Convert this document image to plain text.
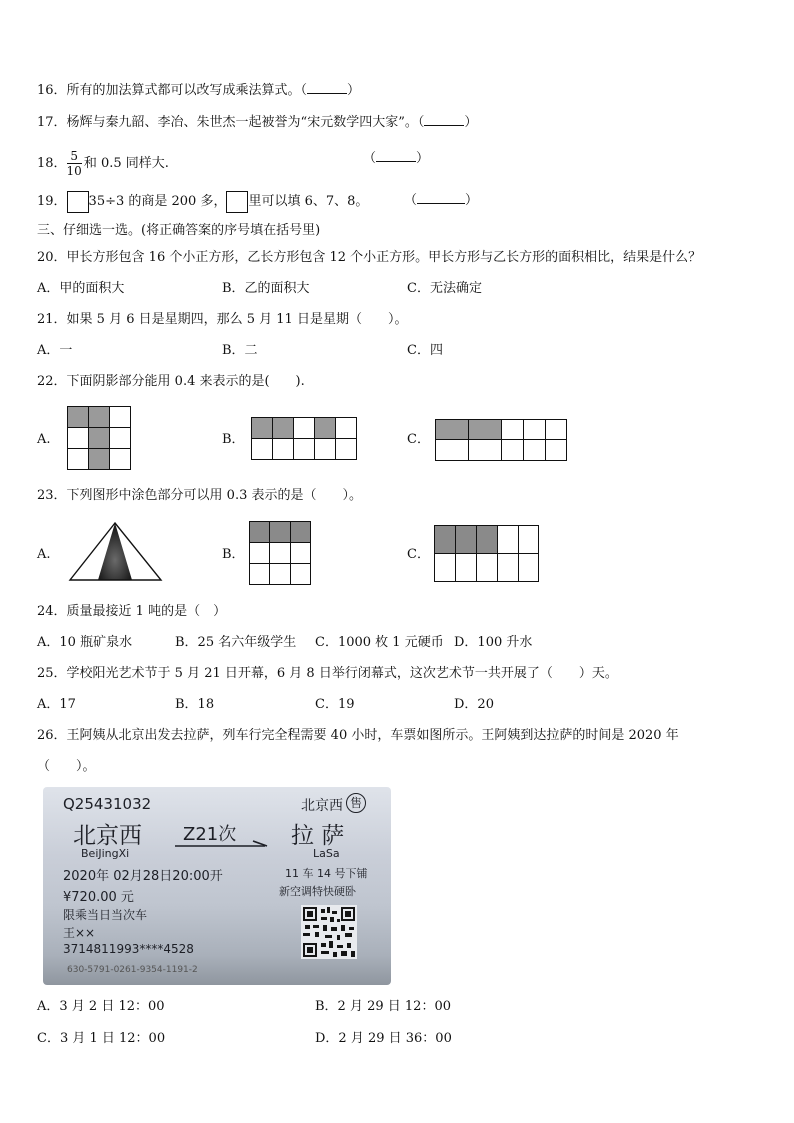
16．所有的加法算式都可以改写成乘法算式。（	）
17．杨辉与秦九韶、李冶、朱世杰一起被誉为“宋元数学四大家”。（	）
18． $\frac{5}{10}$ 和 0.5 同样大.	（	）
19． 35÷3 的商是 200 多， 里可以填 6、7、8。	（	）
三、仔细选一选。(将正确答案的序号填在括号里)
20．甲长方形包含 16 个小正方形，乙长方形包含 12 个小正方形。甲长方形与乙长方形的面积相比，结果是什么？
A．甲的面积大	B．乙的面积大	C．无法确定
21．如果 5 月 6 日是星期四，那么 5 月 11 日是星期（　　）。
A．一	B．二	C．四
22．下面阴影部分能用 0.4 来表示的是(　　).
A.	B．	C．
23．下列图形中涂色部分可以用 0.3 表示的是（　　）。
A.	B．	C．
24．质量最接近 1 吨的是（　）
A．10 瓶矿泉水	B．25 名六年级学生 C．1000 枚 1 元硬币 D．100 升水
25．学校阳光艺术节于 5 月 21 日开幕，6 月 8 日举行闭幕式，这次艺术节一共开展了（　　）天。
A．17	B．18	C．19	D．20
26．王阿姨从北京出发去拉萨，列车行完全程需要 40 小时，车票如图所示。王阿姨到达拉萨的时间是 2020 年
（　　）。
Q25431032	北京西 售
北京西
BeiJingXi
Z21次 拉 萨
LaSa
2020年 02月28日20:00开	11 车 14 号下铺
¥720.00 元	新空调特快硬卧
限乘当日当次车
王××
3714811993****4528
630-5791-0261-9354-1191-2
A．3 月 2 日 12：00	B．2 月 29 日 12：00
C．3 月 1 日 12：00	D．2 月 29 日 36：00
